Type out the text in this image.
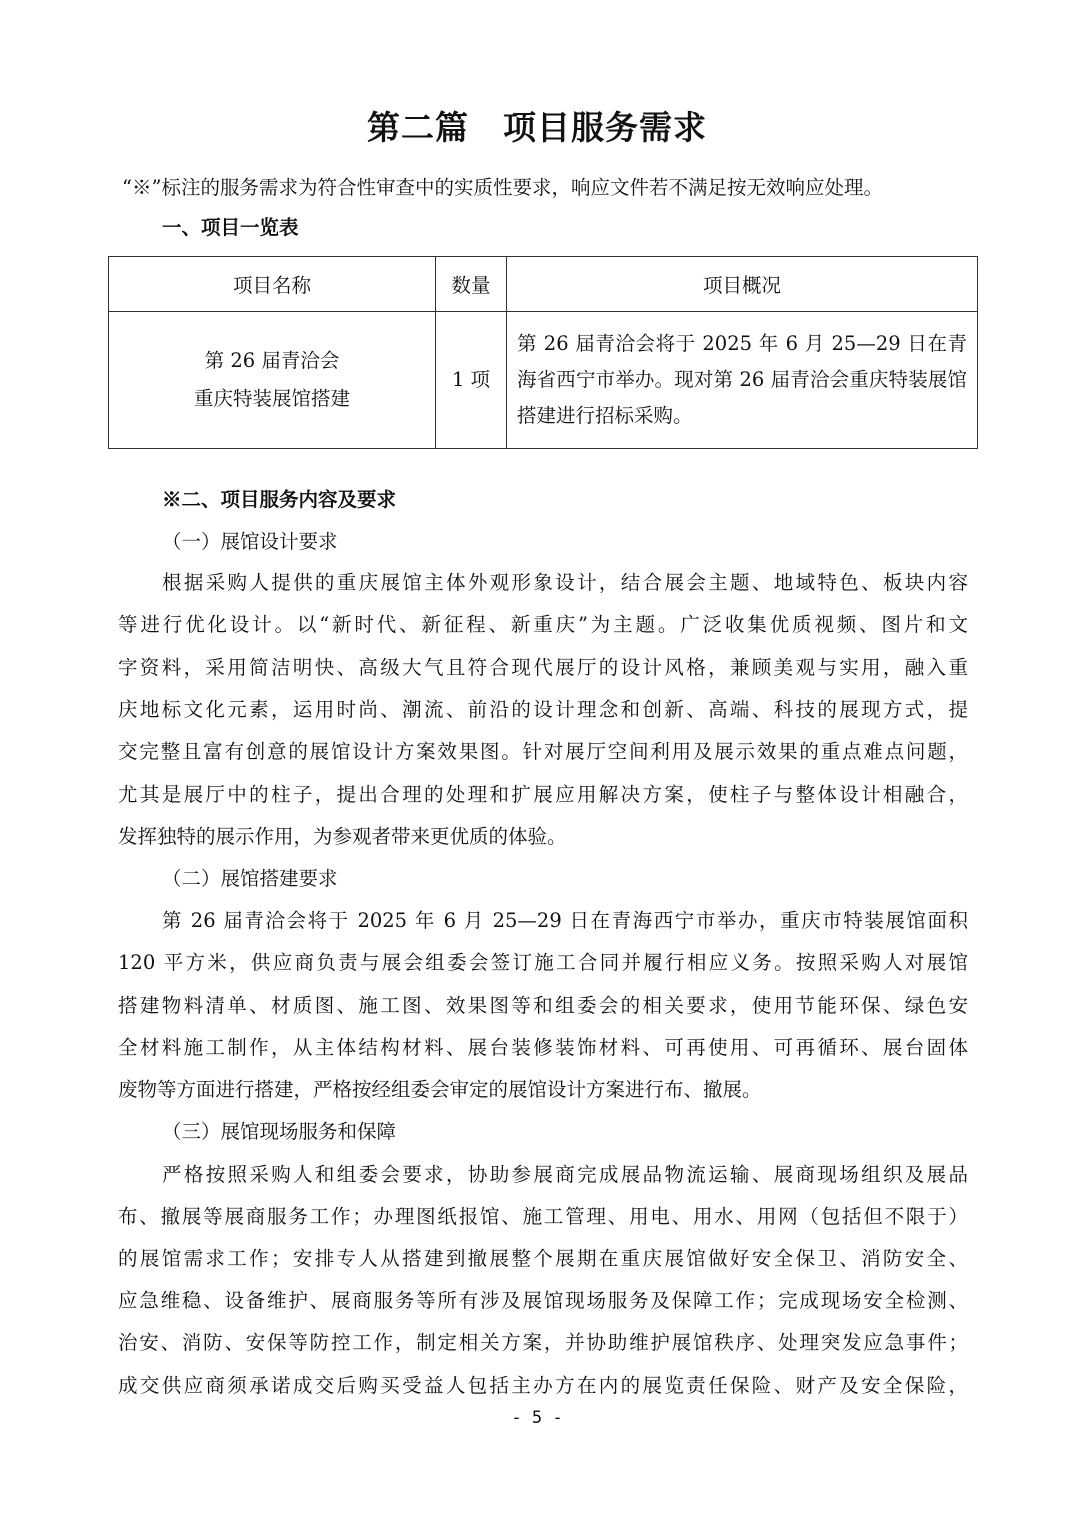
第二篇　项目服务需求
“※”标注的服务需求为符合性审查中的实质性要求，响应文件若不满足按无效响应处理。
一、项目一览表
项目名称	数量	项目概况

第 26 届青洽会
重庆特装展馆搭建	1 项	第 26 届青洽会将于 2025 年 6 月 25—29 日在青海省西宁市举办。现对第 26 届青洽会重庆特装展馆搭建进行招标采购。
※二、项目服务内容及要求
（一）展馆设计要求
根据采购人提供的重庆展馆主体外观形象设计，结合展会主题、地域特色、板块内容
等进行优化设计。以“新时代、新征程、新重庆”为主题。广泛收集优质视频、图片和文
字资料，采用简洁明快、高级大气且符合现代展厅的设计风格，兼顾美观与实用，融入重
庆地标文化元素，运用时尚、潮流、前沿的设计理念和创新、高端、科技的展现方式，提
交完整且富有创意的展馆设计方案效果图。针对展厅空间利用及展示效果的重点难点问题，
尤其是展厅中的柱子，提出合理的处理和扩展应用解决方案，使柱子与整体设计相融合，
发挥独特的展示作用，为参观者带来更优质的体验。
（二）展馆搭建要求
第 26 届青洽会将于 2025 年 6 月 25—29 日在青海西宁市举办，重庆市特装展馆面积
120 平方米，供应商负责与展会组委会签订施工合同并履行相应义务。按照采购人对展馆
搭建物料清单、材质图、施工图、效果图等和组委会的相关要求，使用节能环保、绿色安
全材料施工制作，从主体结构材料、展台装修装饰材料、可再使用、可再循环、展台固体
废物等方面进行搭建，严格按经组委会审定的展馆设计方案进行布、撤展。
（三）展馆现场服务和保障
严格按照采购人和组委会要求，协助参展商完成展品物流运输、展商现场组织及展品
布、撤展等展商服务工作；办理图纸报馆、施工管理、用电、用水、用网（包括但不限于）
的展馆需求工作；安排专人从搭建到撤展整个展期在重庆展馆做好安全保卫、消防安全、
应急维稳、设备维护、展商服务等所有涉及展馆现场服务及保障工作；完成现场安全检测、
治安、消防、安保等防控工作，制定相关方案，并协助维护展馆秩序、处理突发应急事件；
成交供应商须承诺成交后购买受益人包括主办方在内的展览责任保险、财产及安全保险，
- 5 -
